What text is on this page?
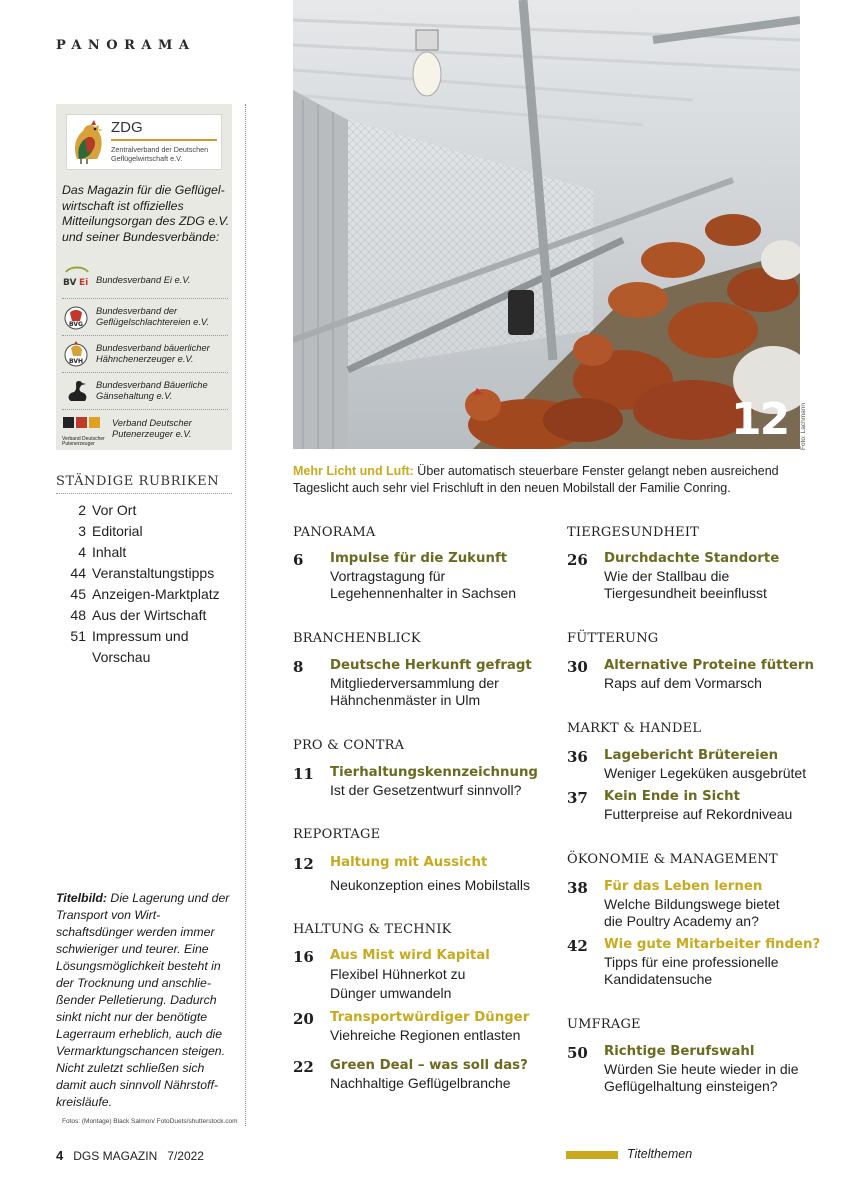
PANORAMA
ZDG
Zentralverband der Deutschen Geflügelwirtschaft e.V.
Das Magazin für die Geflügel-wirtschaft ist offizielles Mitteilungsorgan des ZDG e.V. und seiner Bundesverbände:
BV Ei Bundesverband Ei e.V.
BVG
Bundesverband der Geflügelschlachtereien e.V.
BVH
Bundesverband bäuerlicher Hähnchenerzeuger e.V.
Bundesverband Bäuerliche Gänsehaltung e.V.
Verband Deutscher Putenerzeuger
Verband Deutscher Putenerzeuger e.V.
STÄNDIGE RUBRIKEN
2 Vor Ort
3 Editorial
4 Inhalt
44 Veranstaltungstipps
45 Anzeigen-Marktplatz
48 Aus der Wirtschaft
51 Impressum und Vorschau
Titelbild: Die Lagerung und der Transport von Wirt-schaftsdünger werden immer schwieriger und teurer. Eine Lösungsmöglichkeit besteht in der Trocknung und anschlie-ßender Pelletierung. Dadurch sinkt nicht nur der benötigte Lagerraum erheblich, auch die Vermarktungschancen steigen. Nicht zuletzt schließen sich damit auch sinnvoll Nährstoff-kreisläufe.
Fotos: (Montage) Black Salmon/ FotoDuets/shutterstock.com
12 Foto: Lachmann
Mehr Licht und Luft: Über automatisch steuerbare Fenster gelangt neben ausreichend Tageslicht auch sehr viel Frischluft in den neuen Mobilstall der Familie Conring.
PANORAMA
6 Impulse für die Zukunft
Vortragstagung für Legehennenhalter in Sachsen
BRANCHENBLICK
8 Deutsche Herkunft gefragt
Mitgliederversammlung der Hähnchenmäster in Ulm
PRO & CONTRA
11 Tierhaltungskennzeichnung
Ist der Gesetzentwurf sinnvoll?
REPORTAGE
12 Haltung mit Aussicht
Neukonzeption eines Mobilstalls
HALTUNG & TECHNIK
16 Aus Mist wird Kapital
Flexibel Hühnerkot zu Dünger umwandeln
20 Transportwürdiger Dünger
Viehreiche Regionen entlasten
22 Green Deal – was soll das?
Nachhaltige Geflügelbranche
TIERGESUNDHEIT
26 Durchdachte Standorte
Wie der Stallbau die Tiergesundheit beeinflusst
FÜTTERUNG
30 Alternative Proteine füttern
Raps auf dem Vormarsch
MARKT & HANDEL
36 Lagebericht Brütereien
Weniger Legeküken ausgebrütet
37 Kein Ende in Sicht
Futterpreise auf Rekordniveau
ÖKONOMIE & MANAGEMENT
38 Für das Leben lernen
Welche Bildungswege bietet die Poultry Academy an?
42 Wie gute Mitarbeiter finden?
Tipps für eine professionelle Kandidatensuche
UMFRAGE
50 Richtige Berufswahl
Würden Sie heute wieder in die Geflügelhaltung einsteigen?
4 DGS MAGAZIN 7/2022	Titelthemen
